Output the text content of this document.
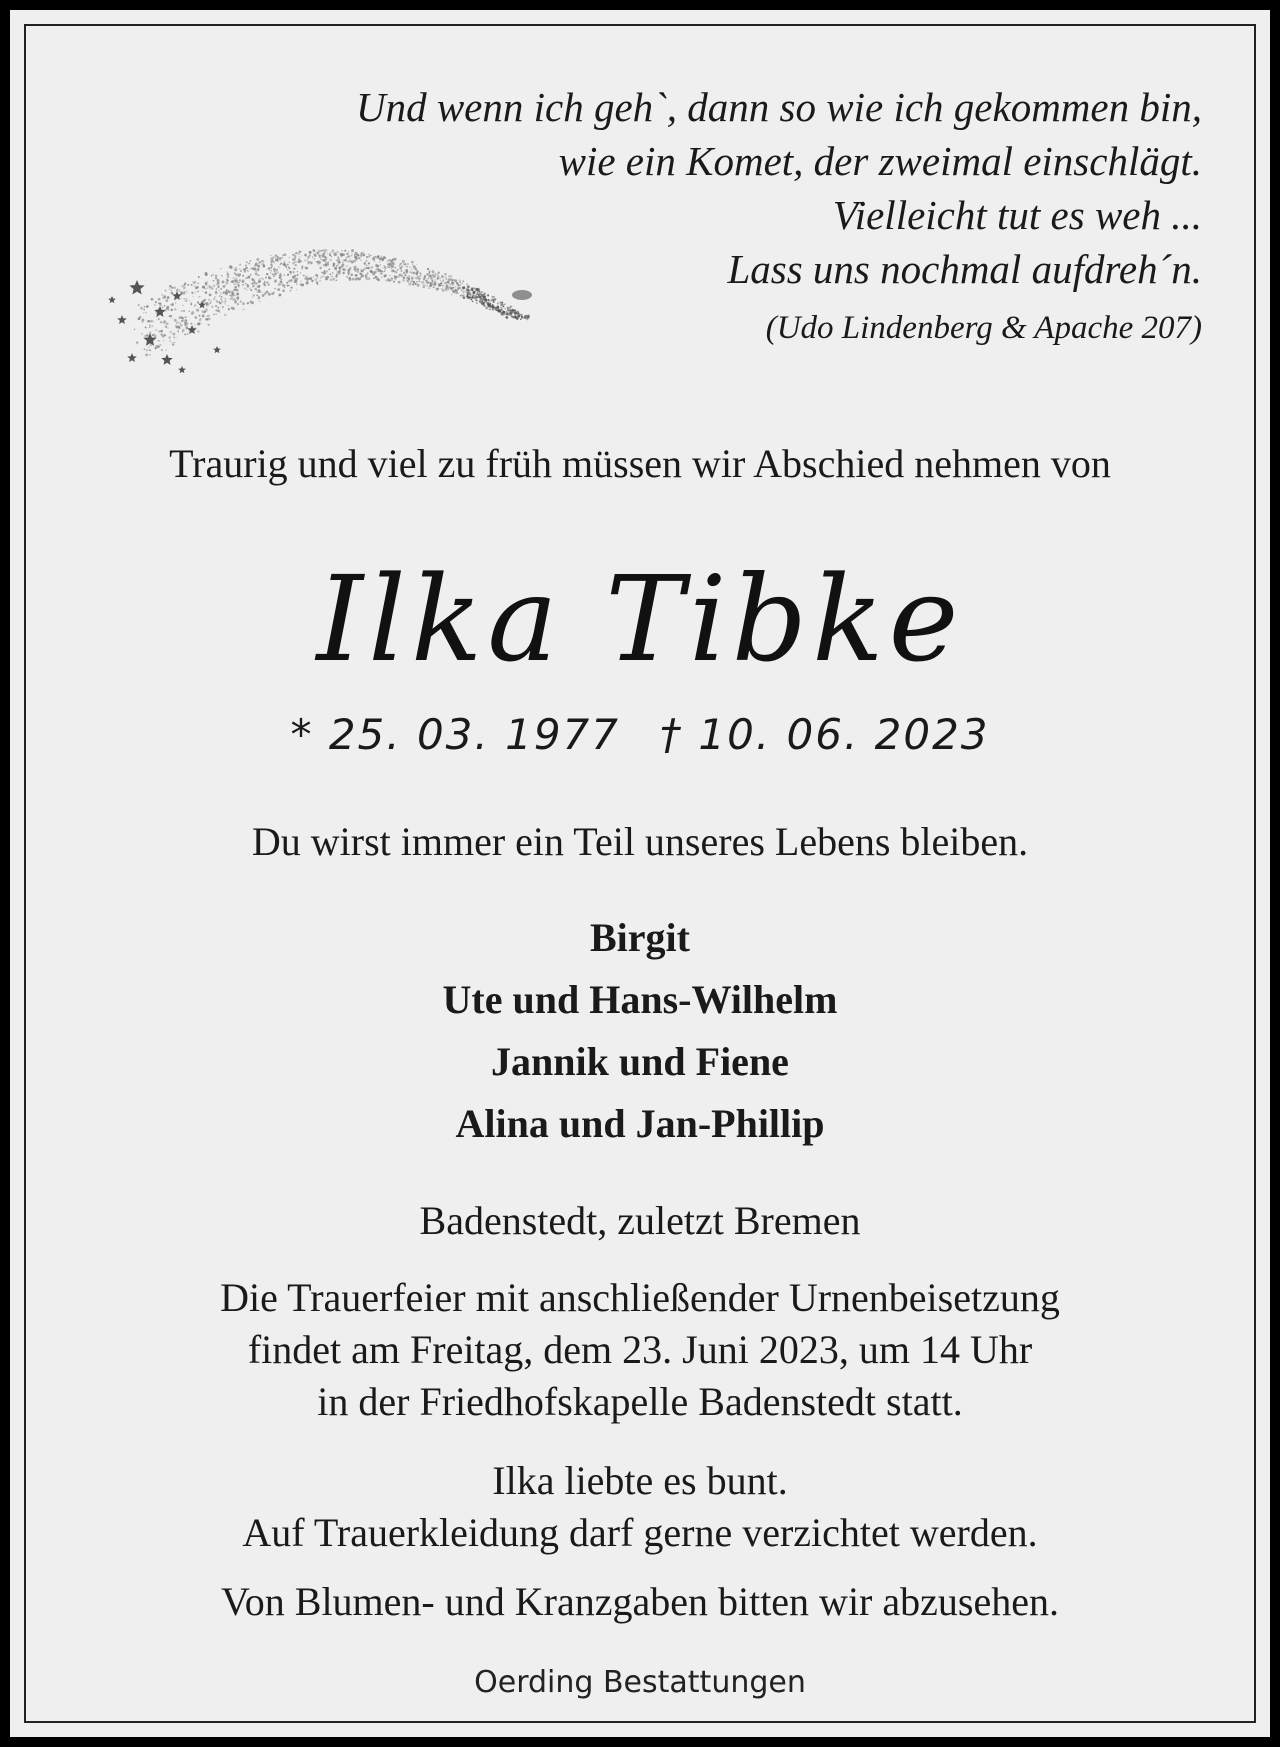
Und wenn ich geh`, dann so wie ich gekommen bin,
wie ein Komet, der zweimal einschlägt.
Vielleicht tut es weh ...
Lass uns nochmal aufdreh´n.
(Udo Lindenberg & Apache 207)
Traurig und viel zu früh müssen wir Abschied nehmen von
Ilka Tibke
* 25. 03. 1977 † 10. 06. 2023
Du wirst immer ein Teil unseres Lebens bleiben.
Birgit
Ute und Hans-Wilhelm
Jannik und Fiene
Alina und Jan-Phillip
Badenstedt, zuletzt Bremen
Die Trauerfeier mit anschließender Urnenbeisetzung
findet am Freitag, dem 23. Juni 2023, um 14 Uhr
in der Friedhofskapelle Badenstedt statt.
Ilka liebte es bunt.
Auf Trauerkleidung darf gerne verzichtet werden.
Von Blumen- und Kranzgaben bitten wir abzusehen.
Oerding Bestattungen
